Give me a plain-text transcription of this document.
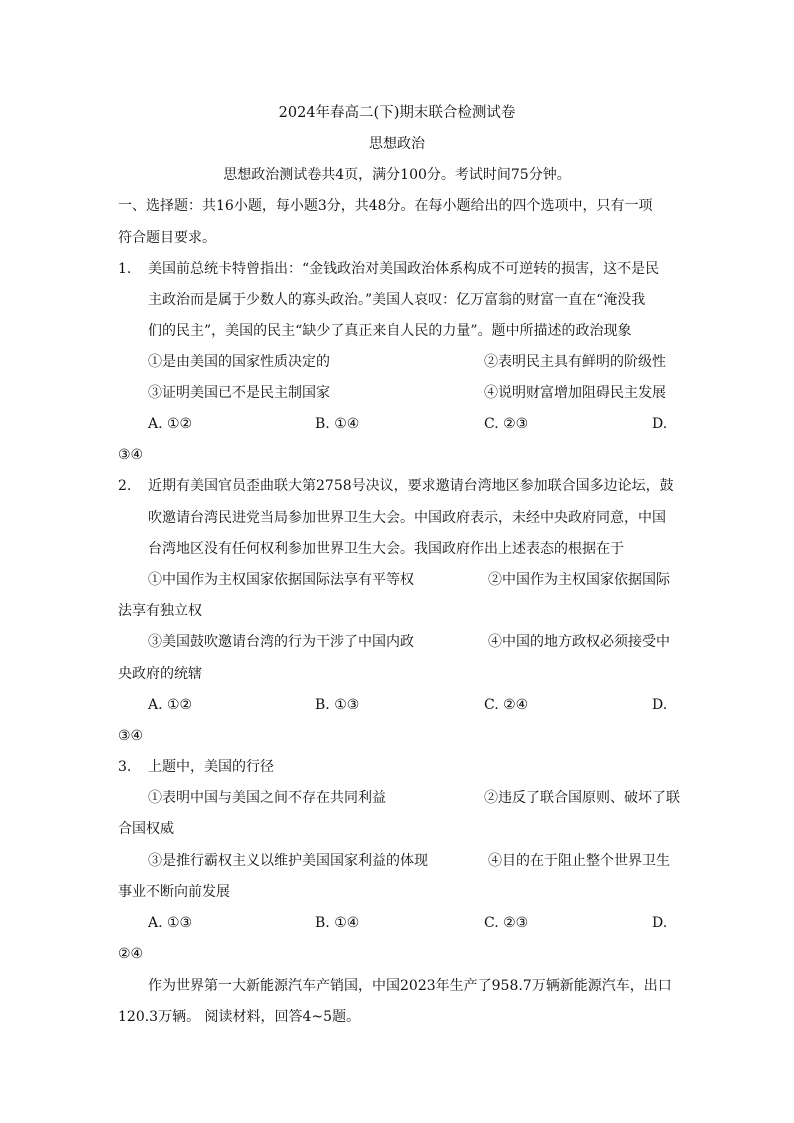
2024年春高二(下)期末联合检测试卷
思想政治
思想政治测试卷共4页，满分100分。考试时间75分钟。
一、选择题：共16小题，每小题3分，共48分。在每小题给出的四个选项中，只有一项
符合题目要求。
1. 美国前总统卡特曾指出：“金钱政治对美国政治体系构成不可逆转的损害，这不是民
主政治而是属于少数人的寡头政治。”美国人哀叹：亿万富翁的财富一直在“淹没我
们的民主”，美国的民主“缺少了真正来自人民的力量”。题中所描述的政治现象
①是由美国的国家性质决定的	②表明民主具有鲜明的阶级性
③证明美国已不是民主制国家	④说明财富增加阻碍民主发展
A. ①②	B. ①④	C. ②③	D.
③④
2. 近期有美国官员歪曲联大第2758号决议，要求邀请台湾地区参加联合国多边论坛，鼓
吹邀请台湾民进党当局参加世界卫生大会。中国政府表示，未经中央政府同意，中国
台湾地区没有任何权利参加世界卫生大会。我国政府作出上述表态的根据在于
①中国作为主权国家依据国际法享有平等权	②中国作为主权国家依据国际
法享有独立权
③美国鼓吹邀请台湾的行为干涉了中国内政	④中国的地方政权必须接受中
央政府的统辖
A. ①②	B. ①③	C. ②④	D.
③④
3. 上题中，美国的行径
①表明中国与美国之间不存在共同利益	②违反了联合国原则、破坏了联
合国权威
③是推行霸权主义以维护美国国家利益的体现	④目的在于阻止整个世界卫生
事业不断向前发展
A. ①③	B. ①④	C. ②③	D.
②④
作为世界第一大新能源汽车产销国，中国2023年生产了958.7万辆新能源汽车，出口
120.3万辆。 阅读材料，回答4~5题。
